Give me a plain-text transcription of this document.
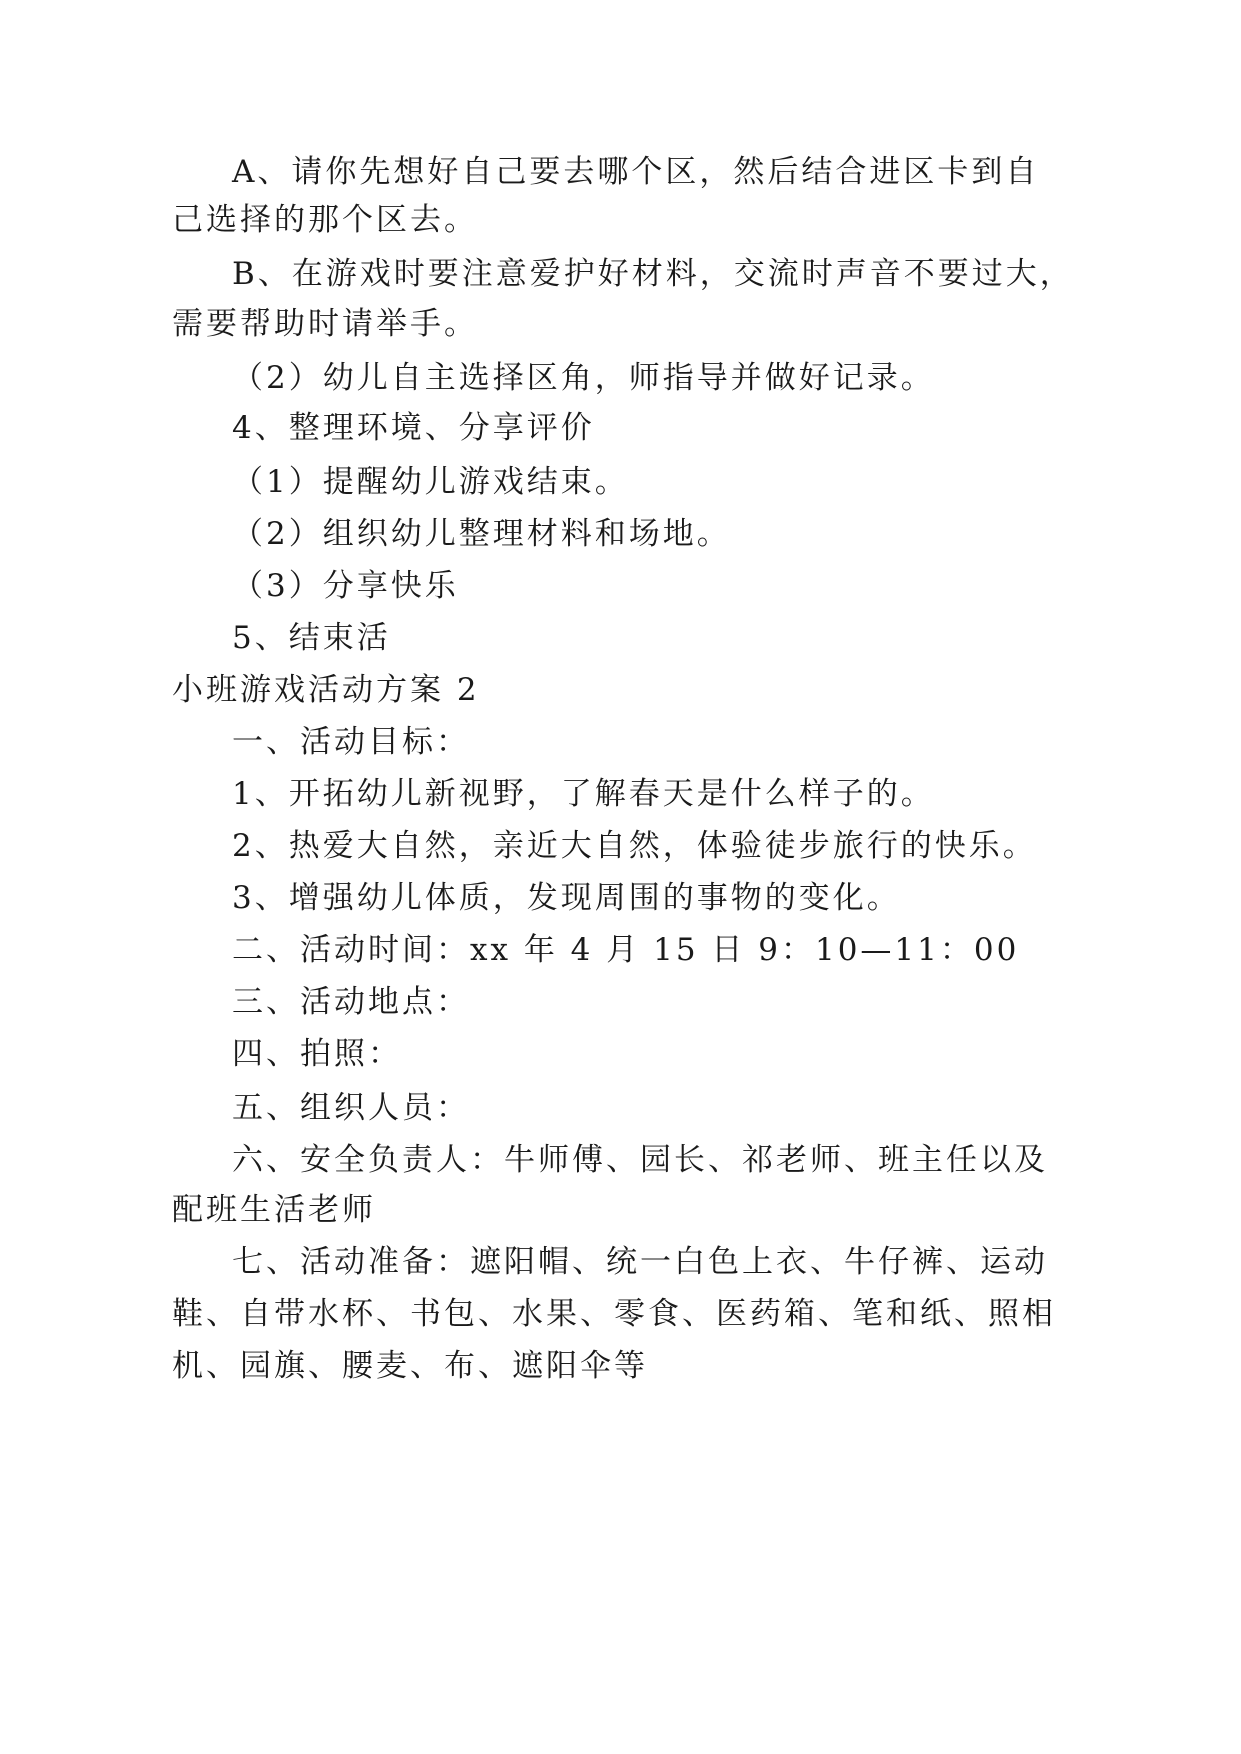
A、请你先想好自己要去哪个区，然后结合进区卡到自
己选择的那个区去。
B、在游戏时要注意爱护好材料，交流时声音不要过大，
需要帮助时请举手。
（2）幼儿自主选择区角，师指导并做好记录。
4、整理环境、分享评价
（1）提醒幼儿游戏结束。
（2）组织幼儿整理材料和场地。
（3）分享快乐
5、结束活
小班游戏活动方案 2
一、活动目标：
1、开拓幼儿新视野，了解春天是什么样子的。
2、热爱大自然，亲近大自然，体验徒步旅行的快乐。
3、增强幼儿体质，发现周围的事物的变化。
二、活动时间：xx 年 4 月 15 日 9：10—11：00
三、活动地点：
四、拍照：
五、组织人员：
六、安全负责人：牛师傅、园长、祁老师、班主任以及
配班生活老师
七、活动准备：遮阳帽、统一白色上衣、牛仔裤、运动
鞋、自带水杯、书包、水果、零食、医药箱、笔和纸、照相
机、园旗、腰麦、布、遮阳伞等
